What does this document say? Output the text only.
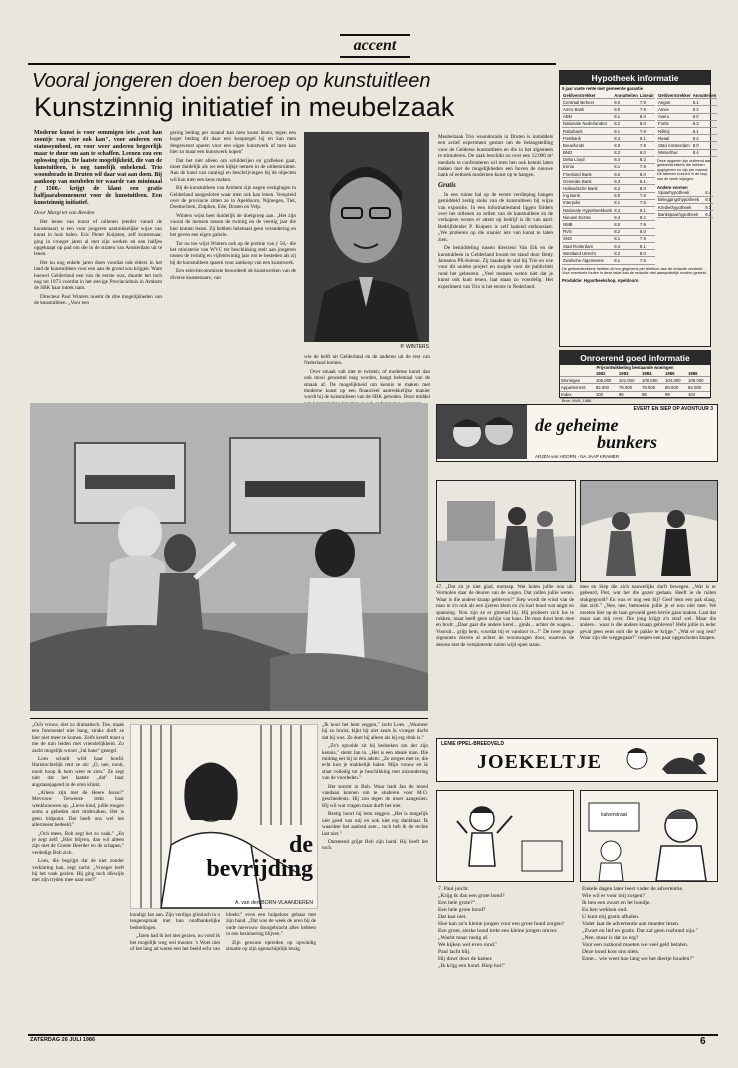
accent
Vooral jongeren doen beroep op kunstuitleen
Kunstzinnig initiatief in meubelzaak

Moderne kunst is voor sommigen iets „wat han zoontje van vier ook kan", voor anderen een statussymbool, en voor weer anderen begeerlijk maar te duur om aan te schaffen. Leenen zou een oplossing zijn. De laatste mogelijkheid, die van de kunstuitleen, is nog tamelijk onbekend. Trio woondorado in Druten wil daar wat aan doen. Bij aankoop van meubelen ter waarde van minimaal ƒ 1500,- krijgt de klant een gratis halfjaarabonnement voor de kunstuitleen. Een kunstzinnig initiatief.

Door Margriet van Reeden

Het lenen van kunst of uitlenen (eerder vanuit de kunstenaar) is een voor jongeren aantrekkelijke wijze van kunst in huis halen. Eric Pieter Kuijsten, zelf kunstenaar, ging in vroeger jaren al met zijn werken en een halfjes opgeknapt op pad om die in de straten van Amsterdam uit te lenen.

Het nu nog enkele jaren doen voordat ook elders in het land de kunstuitleen voor een aan de grond zou krijgen. Want hoewel Gelderland een van de eerste was, duurde het toch nog tot 1973 voordat in het stevige Provinciehuis in Arnhem de SBK haar intrek nam.

Directeur Paul Winters noemt de drie mogelijkheden van de kunstuitleen. „Voor een

gering bedrag per maand kan men kunst lenen, tegen een hoger bedrag dit daar een koopzegel bij en kan men desgewenst sparen voor een eigen kunstwerk of men kan hier zo maar een kunstwerk kopen"

Dat het niet alleen om schilderijen en grafieken gaat, moet duidelijk als we een kijkje nemen in de uitleenruimte. Aan de hand van catalogi en beschrijvingen bij de objecten wil kan men een keus maken.

Bij de kunstuitleen van Arnhem zijn negen vestigingen in Gelderland aangesloten waar men ook kan lenen. Verspreid over de provincie zitten ze in Apeldoorn, Nijmegen, Tiel, Doetinchem, Zutphen, Ede, Druten en Velp.

Winters wijst heel duidelijk de doelgroep aan. „Het zijn vooral de mensen tussen de twintig en de veertig jaar die hier komen lenen. Zij hebben helemaal geen verandering en het geven een eigen galerie.

Tot nu toe wijst Winters ook op de premie van ƒ 50,- die het ministerie van WVC ter beschikking stelt aan jongeren tussen de twintig en vijfentwintig jaar om te besteden als zij bij de kunstuitleen sparen voor aankoop van een kunstwerk.

Een selectiecommissie beoordeelt de kunstwerken van de diverse kunstenaars, van

P. WINTERS

wie de helft uit Gelderland en de anderen uit de rest van Nederland komen.

Over smaak valt niet te twisten; of moderne kunst dan ook mooi genoemd mag worden, hangt helemaal van de smaak af. De mogelijkheid om kennis te maken met moderne kunst op een financieel aantrekkelijke manier wordt bij de kunstuitleen van de SBK geboden. Door middel

Meubelzaak Trio woondorado in Druten is inmiddels een actief experiment gestart om de belangstelling voor de Gelderse kunstuitleen en die in het algemeen te stimuleren. De zaak beschikt nu over een 12.000 m² meubels te confronteren wil men hen ook kennis laten maken met de mogelijkheden een boven de nieuwe bank of eethoek modernen kunst op te hangen.

Gratis

In een ruime hal op de eerste verdieping hangen gemiddeld zestig stuks van de kunstuitleen bij wijze van expositie. In een informatiestand liggen folders over het uitlenen zo zeilen van de kunstuitleen en de verkopers wezen er attent op bedrijf is dit van aard. Bedrijfsleider P. Kuipers is zelf laaiend enthousiast. „We proberen op die manier iets van kunst te laten zien.

De bemiddeling tussen directeur Van Elk en de kunstuitleen in Gelderland kwam tot stand door Betty Janssens PR-bureau. Zij maakte de stal bij Trio en wie voor dit unieke project en zorgde voor de publiciteit rond het gebeuren. „Veel mensen weten niet dat je kunst ook kunt lenen, laat staan zo voordelig. Het experiment van Trio is het eerste in Nederland.

Hypotheek informatie
5 jaar vaste rente met gemeente garantie
Geldverstrekker	Annuïteiten	Lineair
Centraal Beheer	8.0	7.9
Amro Bank	8.0	7.9
ABN	8.1	8.0
Nationale Nederlanden	8.2	8.0
Rabobank	8.1	7.9
Postbank	8.3	8.1
Bouwfonds	8.0	7.8
BNG	8.2	8.0
Delta Lloyd	8.4	8.2
Ennia	8.1	7.9
Friesland Bank	8.2	8.0
Generale Bank	8.3	8.1
Hollandsche Bank	8.2	8.0
Ing Bank	8.0	7.9
Interpolis	8.1	7.9
Nationale Hypotheekbank	8.3	8.1
Nieuwe Eerste	8.4	8.2
NMB	8.0	7.9
RVS	8.2	8.0
SNS	8.1	7.9
Stad Rotterdam	8.3	8.1
Westland Utrecht	8.2	8.0
Zwolsche Algemeene	8.1	7.9
Geldverstrekker	Annuïteiten
Aegon	8.1
Amev	8.2
Avero	8.0
Fortis	8.3
Nillmij	8.1
Reaal	8.2
Stad Amsterdam	8.0
Winterthur	8.4
Deze opgaven zijn ontleend aan geldverstrekkers die hebben opgegeven en zijn per maand. De tarieven kunnen in de loop van de week wijzigen.
Andere vormen
Spaarhypotheek	8.4
Beleggingshypotheek	8.6
Krediethypotheek	9.1
Bankspaarhypotheek	8.3
De geldverstrekkers hebben al hun gegevens per telefoon aan de redactie verstrekt. Voor eventuele fouten in deze tabel kan de redactie niet aansprakelijk worden gesteld.
Produktie: Hypotheekshop, Apeldoorn
Onroerend goed informatie
Prijsontwikkeling bestaande woningen
	1982	1983	1984	1985	1986
Woningen	105.000	101.000	100.000	104.000	109.000
Appartement	82.000	79.000	78.000	80.000	84.000
Index	100	96	95	99	104
Bron: NVM, 1986.
EVERT EN SIEP OP AVONTUUR 3
de geheime
bunkers
ARJEN van HOORN - NA JAAP KRAMER

47. „Dat zit je niet glad, mottasp. Wat holen jullie nou uit. Vermolen daar de deuren van de wagen. Dat zullen jullie weten. Waar is die andere knaap gebleven?" Siep wordt de wind van de man in z'n ook als een ijzeren klem en z'n kari houd wat angst en spanning. Nou zijn ze er glorend bij. Hij probeert zich los te rukken, maar heeft geen schijn van kans. De man duwt hem mee en brult: „Daar gaat die andere kerel... ginds... achter de wagen... Vooruit... grijp hem, voordat hij er vandoor is...!" De twee jonge zigeuners draven al achter de woonwagen door, waarvan de deuren met de verspinterde ruiten wijd open staan.

mee en Siep die zich nauwelijks durft bewegen. „Wat is er gebeurd, Piet, wat het die gozer gedaan. Heeft ie de ruiten stukgegooid? En was er nog een bij? Geef hem een pak slaag, dan zich." „Nee, nee, bemoeien jullie je er nou niet mee. We moeten hier op de laan gevoeld geen herrie gaan maken. Laat dat maar aan mij over. Die jong krijgt z'n straf wel. Maar die andere... waar is die andere knaap gebleven? Hebt jullie in ieder geval geen eens ooit die te pakke te krijge." „Wat er nog rest? Waar zijn die weggegaan?" roepen een paar opgeschoten knapen.

„Och vrouw, niet zo dramatisch. Toe, maak een fototoestel niet bang, straks durft ze hier niet meer te komen. Zelfs kreeft moet u me de tuin leiden met vriendelijkheid. Zo zacht mogelijk woont „Jul hane" gezegd.

Loes schudt wild haar hoofd. Hartstochtelijk rent ze uit: „O, nee, nooit, nooit hoop ik hem weer te zien." Ze zegt niet dat het laatste „dat" haar angstaanjagend in de oren klinkt.

„Alleen zijn met de Heere Jezus?" Mevrouw Terweeze trekt haar wenkbrauwen op. „Lieve kind, jullie mogen soms a gebeden niet misbruiken. Het is geen bidpoint. Dat heeft ons wel het allermeest bedeeld."

„Och mees, Bob zegt het zo vaak." „En je zegt zelf: „Hier blijven, dan wil alleen zijn met de Goede Heerder en de schapen," verdedigt Bob zich.

Loes, die begrijpt dat de niet zonder verklaring kan, zegt zacht: „Vroeger leeft hij het vaak gezien. Hij ging toch dikwijls met zijn tryden mee naar ons?"

de bevrijding
A. van den BORN-VLAANDEREN

kondigt Jan aan. Zijn verdigo glimlach in u teugenspraak met hun onafhankelijke bedoelingen.

„Jaren had ik het niet gezien, nu vond ik het mogelijk weg wel mooier. 's Woel niet of het lang ad waren een het beeld echt van bloekt." even een hulpeloos gebaar met zijn hand. „Dat was de week de uren bij de oude mevrouw doorgebracht alles hebben in een herinnering blijven."

Zijn gewoon optreden op opwindig situatie op zijn ogenschijnlijk bezig.

„Ik hoor het hem zeggen," lacht Loes. „Wanneer hij zo bruist, kijkt hij niet zeals ik vroeger dacht dat hij was. Ze doet hij alleen als hij erg druk is."

„Ze's opvolde zit hij bedoeken om der zijn kennis," stemt Jan in. „Het is een ideale man. Die middag eet hij in één adem: „Ze zergen met te, die echt kon je makkelijk halen. Mijn vrouw en ik staat volledig tot je beschikking met uitzondering van de voorleden."

Het stormt in Bob. Waar hadt Jan de moed vandaan kunnen om te studeren voor M.O. geschiedenis. Hij zou tegen de moer aangezien. Hij wil wat vragen maar durft het niet.

Bestig hoort hij hem zeggen: „Het is mogelijk niet goed van mij en ook niet erg dankbaar. Ik waardeer het aanbod zeer... toch heb ik de rechte last niet."

Ontsteend grijpt Bob zijn hand. Hij heeft het toch.

LENIE IPPEL-BREEDVELD
JOEKELTJE
kalverstraat
7. Paul juicht.
„Krijg ik dan een grote hond?
Een hele grote?"
Een hele grote hond?
Dat kan niet.
Hoe kan zo'n kleine jongen voor een grote hond zorgen?
Een grote, sterke hond trekt een kleine jongen omver.
„Wacht maar rustig af.
We kijken wel even rond."
Paul lacht blij.
Hij duwt door de kamer.
„Ik krijg een hond. Hiep hoi!"
Enkele dagen later leest vader de advertentie.
Wie wil er voor mij zorgen?
Ik ben een zwart en let hondje.
En hen wekken oud.
U kunt mij gratis afhalen.
Vader laat de advertentie aan moeder lezen.
„Zwart en lief en gratis. Dat zal geen ruzhond zijn."
„Nee, maar is dat zo erg?
Voor een ruzhond moeten we veel geld betalen.
Deze hond kost ons niets.
Enne... wie weet hoe lang we het diertje houden?"
ZATERDAG 26 JULI 1986	6
